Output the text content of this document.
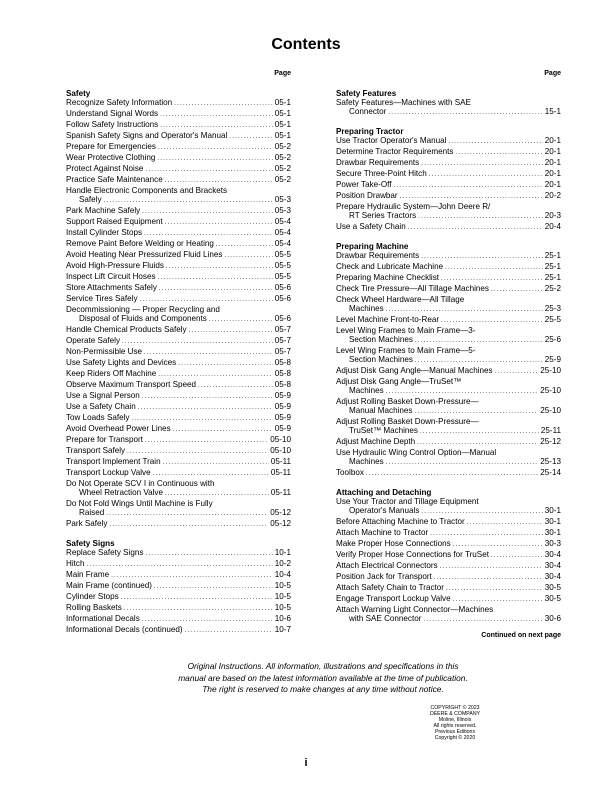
Contents
Page
Safety
Recognize Safety Information . . .	05-1
Understand Signal Words . . .	05-1
Follow Safety Instructions . . .	05-1
Spanish Safety Signs and Operator's Manual . . .	05-1
Prepare for Emergencies . . .	05-2
Wear Protective Clothing . . .	05-2
Protect Against Noise . . .	05-2
Practice Safe Maintenance . . .	05-2
Handle Electronic Components and Brackets
Safely . . .	05-3
Park Machine Safely . . .	05-3
Support Raised Equipment . . .	05-4
Install Cylinder Stops . . .	05-4
Remove Paint Before Welding or Heating . . .	05-4
Avoid Heating Near Pressurized Fluid Lines . . .	05-5
Avoid High-Pressure Fluids . . .	05-5
Inspect Lift Circuit Hoses . . .	05-5
Store Attachments Safely . . .	05-6
Service Tires Safely . . .	05-6
Decommissioning — Proper Recycling and
Disposal of Fluids and Components . . .	05-6
Handle Chemical Products Safely . . .	05-7
Operate Safely . . .	05-7
Non-Permissible Use . . .	05-7
Use Safety Lights and Devices . . .	05-8
Keep Riders Off Machine . . .	05-8
Observe Maximum Transport Speed . . .	05-8
Use a Signal Person . . .	05-9
Use a Safety Chain . . .	05-9
Tow Loads Safely . . .	05-9
Avoid Overhead Power Lines . . .	05-9
Prepare for Transport . . .	05-10
Transport Safely . . .	05-10
Transport Implement Train . . .	05-11
Transport Lockup Valve . . .	05-11
Do Not Operate SCV I in Continuous with
Wheel Retraction Valve . . .	05-11
Do Not Fold Wings Until Machine is Fully
Raised . . .	05-12
Park Safely . . .	05-12
Safety Signs
Replace Safety Signs . . .	10-1
Hitch . . .	10-2
Main Frame . . .	10-4
Main Frame (continued) . . .	10-5
Cylinder Stops . . .	10-5
Rolling Baskets . . .	10-5
Informational Decals . . .	10-6
Informational Decals (continued) . . .	10-7
Page
Safety Features
Safety Features—Machines with SAE
Connector . . .	15-1
Preparing Tractor
Use Tractor Operator's Manual . . .	20-1
Determine Tractor Requirements . . .	20-1
Drawbar Requirements . . .	20-1
Secure Three-Point Hitch . . .	20-1
Power Take-Off . . .	20-1
Position Drawbar . . .	20-2
Prepare Hydraulic System—John Deere R/
RT Series Tractors . . .	20-3
Use a Safety Chain . . .	20-4
Preparing Machine
Drawbar Requirements . . .	25-1
Check and Lubricate Machine . . .	25-1
Preparing Machine Checklist . . .	25-1
Check Tire Pressure—All Tillage Machines . . .	25-2
Check Wheel Hardware—All Tillage
Machines . . .	25-3
Level Machine Front-to-Rear . . .	25-5
Level Wing Frames to Main Frame—3-
Section Machines . . .	25-6
Level Wing Frames to Main Frame—5-
Section Machines . . .	25-9
Adjust Disk Gang Angle—Manual Machines . . .	25-10
Adjust Disk Gang Angle—TruSet™
Machines . . .	25-10
Adjust Rolling Basket Down-Pressure—
Manual Machines . . .	25-10
Adjust Rolling Basket Down-Pressure—
TruSet™ Machines . . .	25-11
Adjust Machine Depth . . .	25-12
Use Hydraulic Wing Control Option—Manual
Machines . . .	25-13
Toolbox . . .	25-14
Attaching and Detaching
Use Your Tractor and Tillage Equipment
Operator's Manuals . . .	30-1
Before Attaching Machine to Tractor . . .	30-1
Attach Machine to Tractor . . .	30-1
Make Proper Hose Connections . . .	30-3
Verify Proper Hose Connections for TruSet . . .	30-4
Attach Electrical Connectors . . .	30-4
Position Jack for Transport . . .	30-4
Attach Safety Chain to Tractor . . .	30-5
Engage Transport Lockup Valve . . .	30-5
Attach Warning Light Connector—Machines
with SAE Connector . . .	30-6
Continued on next page
Original Instructions. All information, illustrations and specifications in this
manual are based on the latest information available at the time of publication.
The right is reserved to make changes at any time without notice.
COPYRIGHT © 2023
DEERE & COMPANY
Moline, Illinois
All rights reserved.
Previous Editions
Copyright © 2020
i
